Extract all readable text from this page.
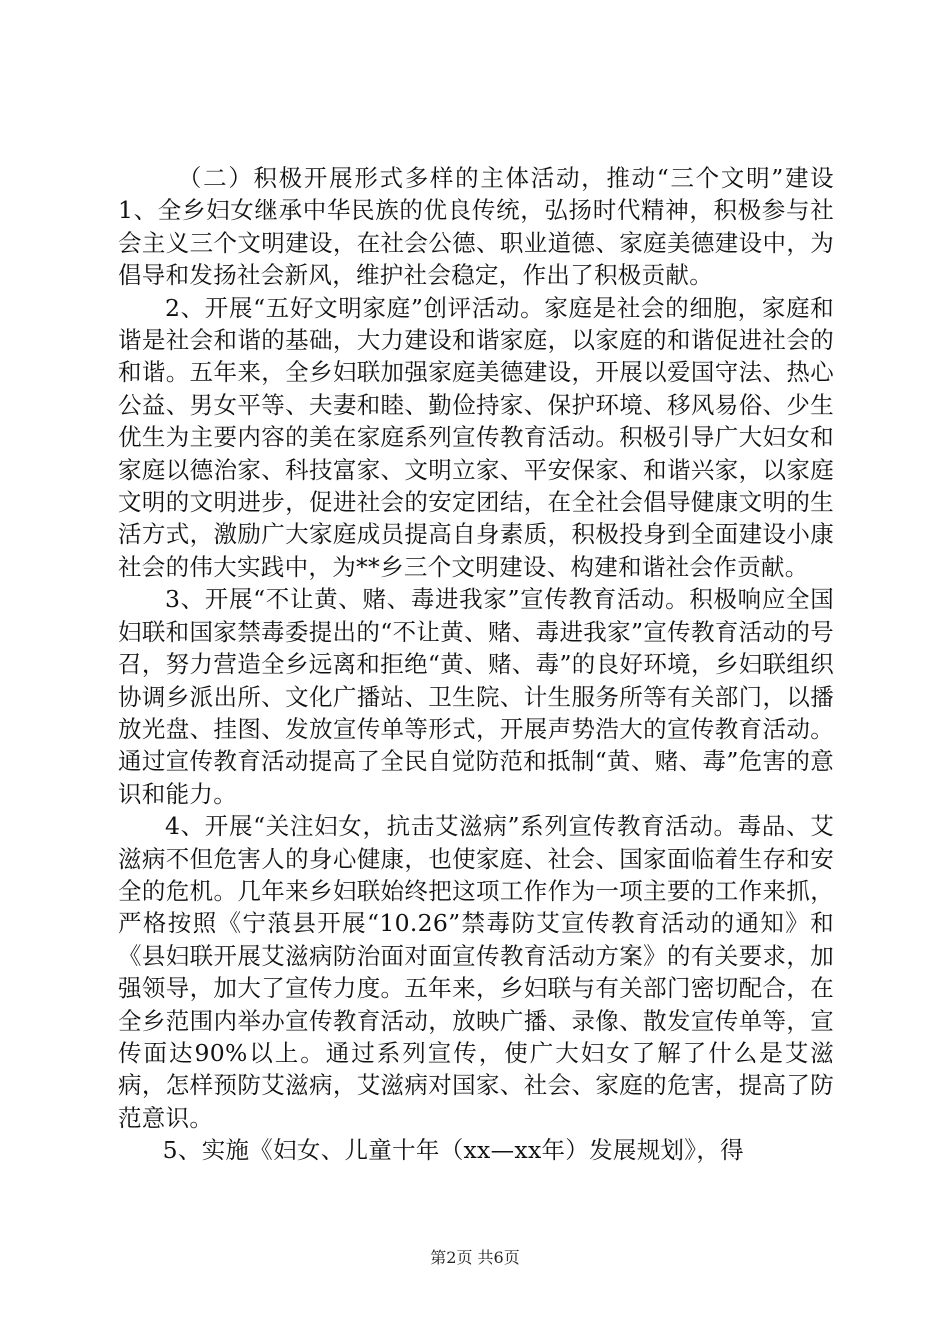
（二）积极开展形式多样的主体活动，推动“三个文明”建设1、全乡妇女继承中华民族的优良传统，弘扬时代精神，积极参与社会主义三个文明建设，在社会公德、职业道德、家庭美德建设中，为倡导和发扬社会新风，维护社会稳定，作出了积极贡献。

2、开展“五好文明家庭”创评活动。家庭是社会的细胞，家庭和谐是社会和谐的基础，大力建设和谐家庭，以家庭的和谐促进社会的和谐。五年来，全乡妇联加强家庭美德建设，开展以爱国守法、热心公益、男女平等、夫妻和睦、勤俭持家、保护环境、移风易俗、少生优生为主要内容的美在家庭系列宣传教育活动。积极引导广大妇女和家庭以德治家、科技富家、文明立家、平安保家、和谐兴家，以家庭文明的文明进步，促进社会的安定团结，在全社会倡导健康文明的生活方式，激励广大家庭成员提高自身素质，积极投身到全面建设小康社会的伟大实践中，为**乡三个文明建设、构建和谐社会作贡献。

3、开展“不让黄、赌、毒进我家”宣传教育活动。积极响应全国妇联和国家禁毒委提出的“不让黄、赌、毒进我家”宣传教育活动的号召，努力营造全乡远离和拒绝“黄、赌、毒”的良好环境，乡妇联组织协调乡派出所、文化广播站、卫生院、计生服务所等有关部门，以播放光盘、挂图、发放宣传单等形式，开展声势浩大的宣传教育活动。通过宣传教育活动提高了全民自觉防范和抵制“黄、赌、毒”危害的意识和能力。

4、开展“关注妇女，抗击艾滋病”系列宣传教育活动。毒品、艾滋病不但危害人的身心健康，也使家庭、社会、国家面临着生存和安全的危机。几年来乡妇联始终把这项工作作为一项主要的工作来抓，严格按照《宁蒗县开展“10.26”禁毒防艾宣传教育活动的通知》和《县妇联开展艾滋病防治面对面宣传教育活动方案》的有关要求，加强领导，加大了宣传力度。五年来，乡妇联与有关部门密切配合，在全乡范围内举办宣传教育活动，放映广播、录像、散发宣传单等，宣传面达90%以上。通过系列宣传，使广大妇女了解了什么是艾滋病，怎样预防艾滋病，艾滋病对国家、社会、家庭的危害，提高了防范意识。

5、实施《妇女、儿童十年（xx—xx年）发展规划》，得

第2页 共6页
